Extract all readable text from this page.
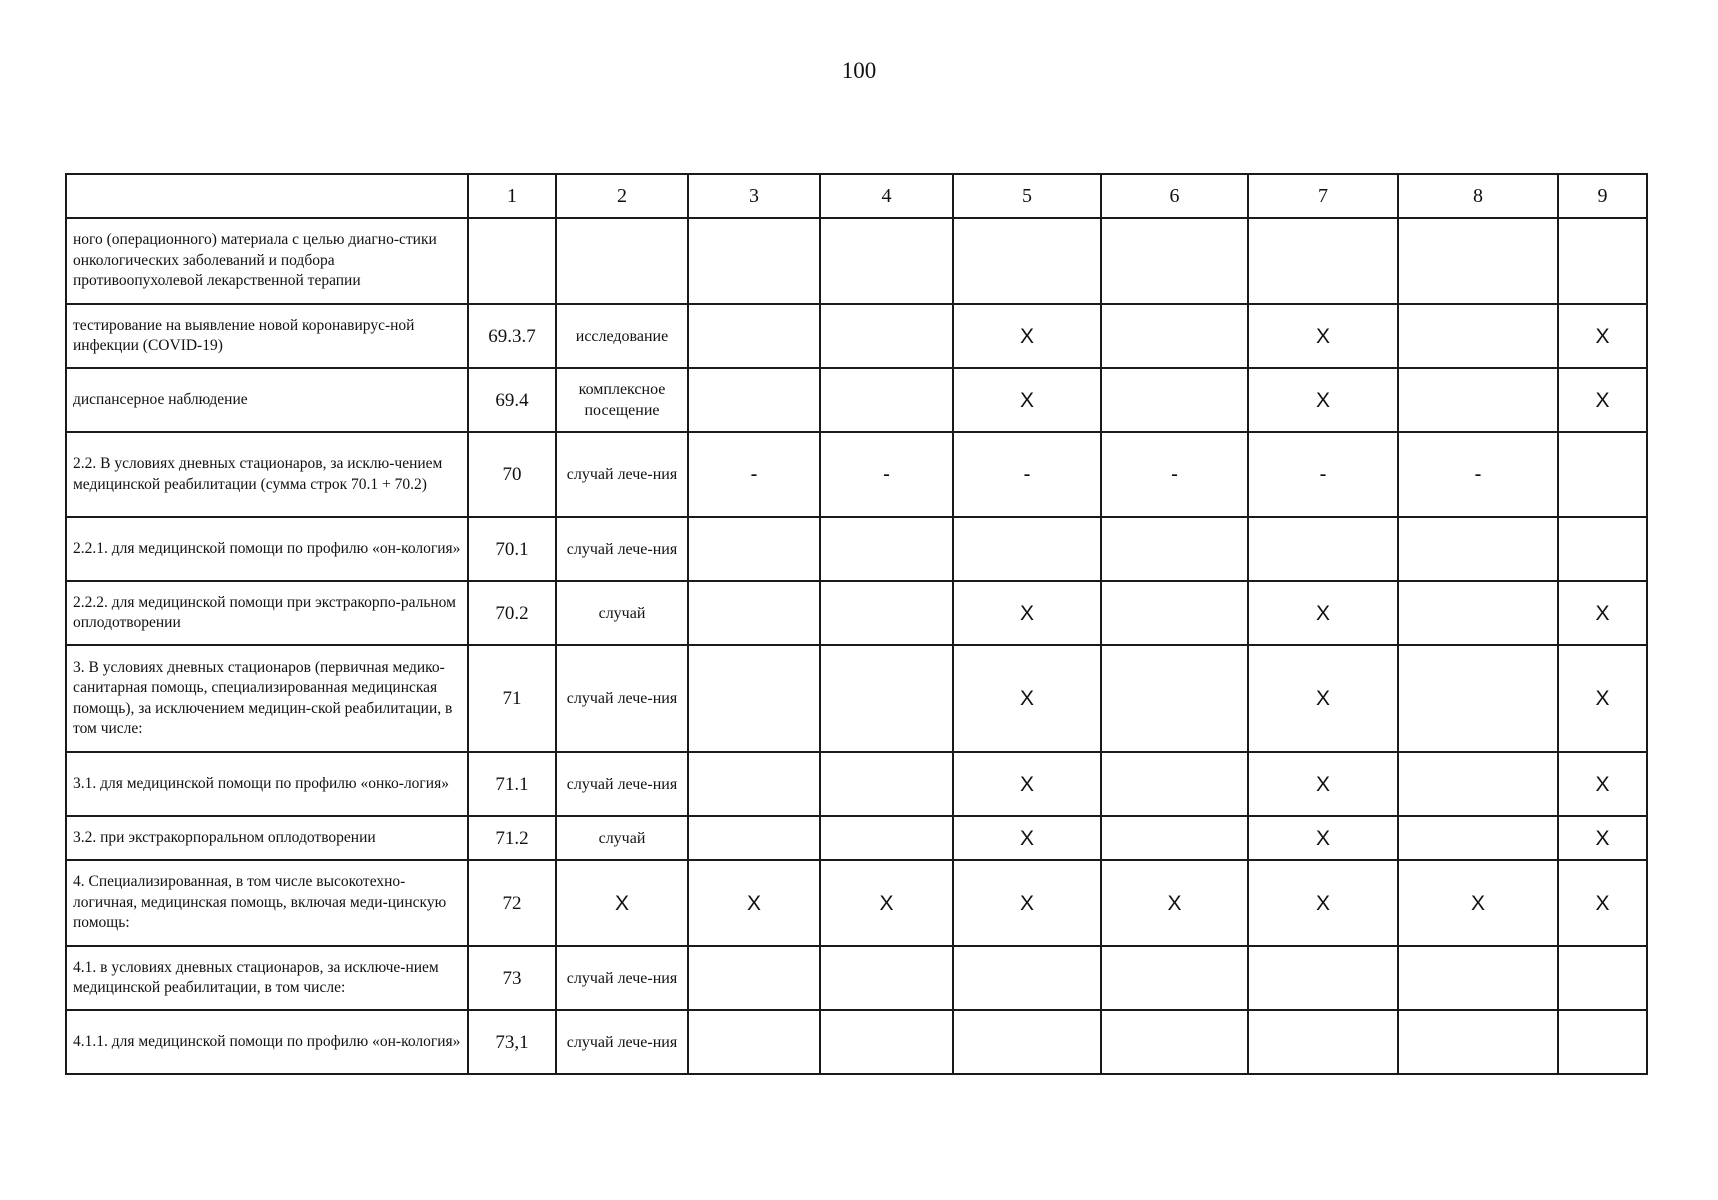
100
	1	2	3	4	5	6	7	8	9
ного (операционного) материала с целью диагно-стики онкологических заболеваний и подбора противоопухолевой лекарственной терапии									
тестирование на выявление новой коронавирус-ной инфекции (COVID-19)	69.3.7	исследование			X		X		X
диспансерное наблюдение	69.4	комплексное посещение			X		X		X
2.2. В условиях дневных стационаров, за исклю-чением медицинской реабилитации (сумма строк 70.1 + 70.2)	70	случай лече-ния	-	-	-	-	-	-	
2.2.1. для медицинской помощи по профилю «он-кология»	70.1	случай лече-ния							
2.2.2. для медицинской помощи при экстракорпо-ральном оплодотворении	70.2	случай			X		X		X
3. В условиях дневных стационаров (первичная медико-санитарная помощь, специализированная медицинская помощь), за исключением медицин-ской реабилитации, в том числе:	71	случай лече-ния			X		X		X
3.1. для медицинской помощи по профилю «онко-логия»	71.1	случай лече-ния			X		X		X
3.2. при экстракорпоральном оплодотворении	71.2	случай			X		X		X
4. Специализированная, в том числе высокотехно-логичная, медицинская помощь, включая меди-цинскую помощь:	72	X	X	X	X	X	X	X	X
4.1. в условиях дневных стационаров, за исключе-нием медицинской реабилитации, в том числе:	73	случай лече-ния							
4.1.1. для медицинской помощи по профилю «он-кология»	73,1	случай лече-ния							
